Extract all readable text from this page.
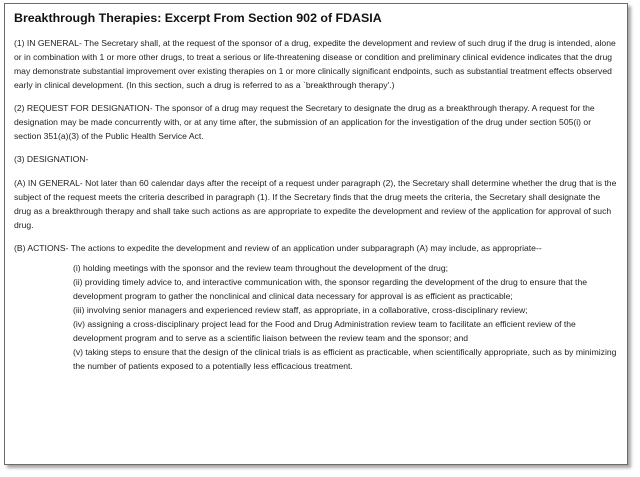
Breakthrough Therapies: Excerpt From Section 902 of FDASIA

(1) IN GENERAL- The Secretary shall, at the request of the sponsor of a drug, expedite the development and review of such drug if the drug is intended, alone or in combination with 1 or more other drugs, to treat a serious or life-threatening disease or condition and preliminary clinical evidence indicates that the drug may demonstrate substantial improvement over existing therapies on 1 or more clinically significant endpoints, such as substantial treatment effects observed early in clinical development. (In this section, such a drug is referred to as a `breakthrough therapy'.)

(2) REQUEST FOR DESIGNATION- The sponsor of a drug may request the Secretary to designate the drug as a breakthrough therapy. A request for the designation may be made concurrently with, or at any time after, the submission of an application for the investigation of the drug under section 505(i) or section 351(a)(3) of the Public Health Service Act.

(3) DESIGNATION-

(A) IN GENERAL- Not later than 60 calendar days after the receipt of a request under paragraph (2), the Secretary shall determine whether the drug that is the subject of the request meets the criteria described in paragraph (1). If the Secretary finds that the drug meets the criteria, the Secretary shall designate the drug as a breakthrough therapy and shall take such actions as are appropriate to expedite the development and review of the application for approval of such drug.

(B) ACTIONS- The actions to expedite the development and review of an application under subparagraph (A) may include, as appropriate--

(i) holding meetings with the sponsor and the review team throughout the development of the drug;
(ii) providing timely advice to, and interactive communication with, the sponsor regarding the development of the drug to ensure that the development program to gather the nonclinical and clinical data necessary for approval is as efficient as practicable;
(iii) involving senior managers and experienced review staff, as appropriate, in a collaborative, cross-disciplinary review;
(iv) assigning a cross-disciplinary project lead for the Food and Drug Administration review team to facilitate an efficient review of the development program and to serve as a scientific liaison between the review team and the sponsor; and
(v) taking steps to ensure that the design of the clinical trials is as efficient as practicable, when scientifically appropriate, such as by minimizing the number of patients exposed to a potentially less efficacious treatment.
